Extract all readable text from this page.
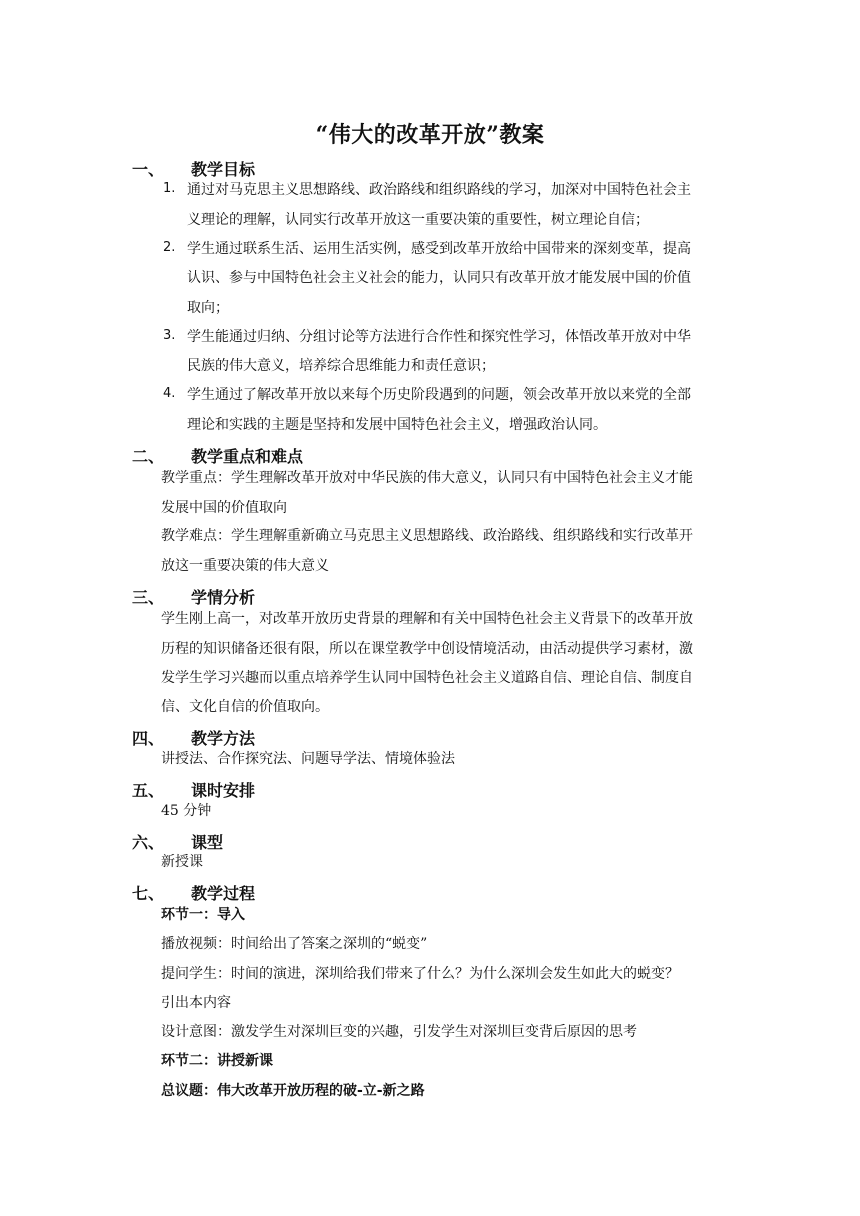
“伟大的改革开放”教案
一、 教学目标
1. 通过对马克思主义思想路线、政治路线和组织路线的学习，加深对中国特色社会主
义理论的理解，认同实行改革开放这一重要决策的重要性，树立理论自信；
2. 学生通过联系生活、运用生活实例，感受到改革开放给中国带来的深刻变革，提高
认识、参与中国特色社会主义社会的能力，认同只有改革开放才能发展中国的价值
取向；
3. 学生能通过归纳、分组讨论等方法进行合作性和探究性学习，体悟改革开放对中华
民族的伟大意义，培养综合思维能力和责任意识；
4. 学生通过了解改革开放以来每个历史阶段遇到的问题，领会改革开放以来党的全部
理论和实践的主题是坚持和发展中国特色社会主义，增强政治认同。
二、 教学重点和难点
教学重点：学生理解改革开放对中华民族的伟大意义，认同只有中国特色社会主义才能
发展中国的价值取向
教学难点：学生理解重新确立马克思主义思想路线、政治路线、组织路线和实行改革开
放这一重要决策的伟大意义
三、 学情分析
学生刚上高一，对改革开放历史背景的理解和有关中国特色社会主义背景下的改革开放
历程的知识储备还很有限，所以在课堂教学中创设情境活动，由活动提供学习素材，激
发学生学习兴趣而以重点培养学生认同中国特色社会主义道路自信、理论自信、制度自
信、文化自信的价值取向。
四、 教学方法
讲授法、合作探究法、问题导学法、情境体验法
五、 课时安排
45 分钟
六、 课型
新授课
七、 教学过程
环节一：导入
播放视频：时间给出了答案之深圳的“蜕变”
提问学生：时间的演进，深圳给我们带来了什么？为什么深圳会发生如此大的蜕变？
引出本内容
设计意图：激发学生对深圳巨变的兴趣，引发学生对深圳巨变背后原因的思考
环节二：讲授新课
总议题：伟大改革开放历程的破-立-新之路
